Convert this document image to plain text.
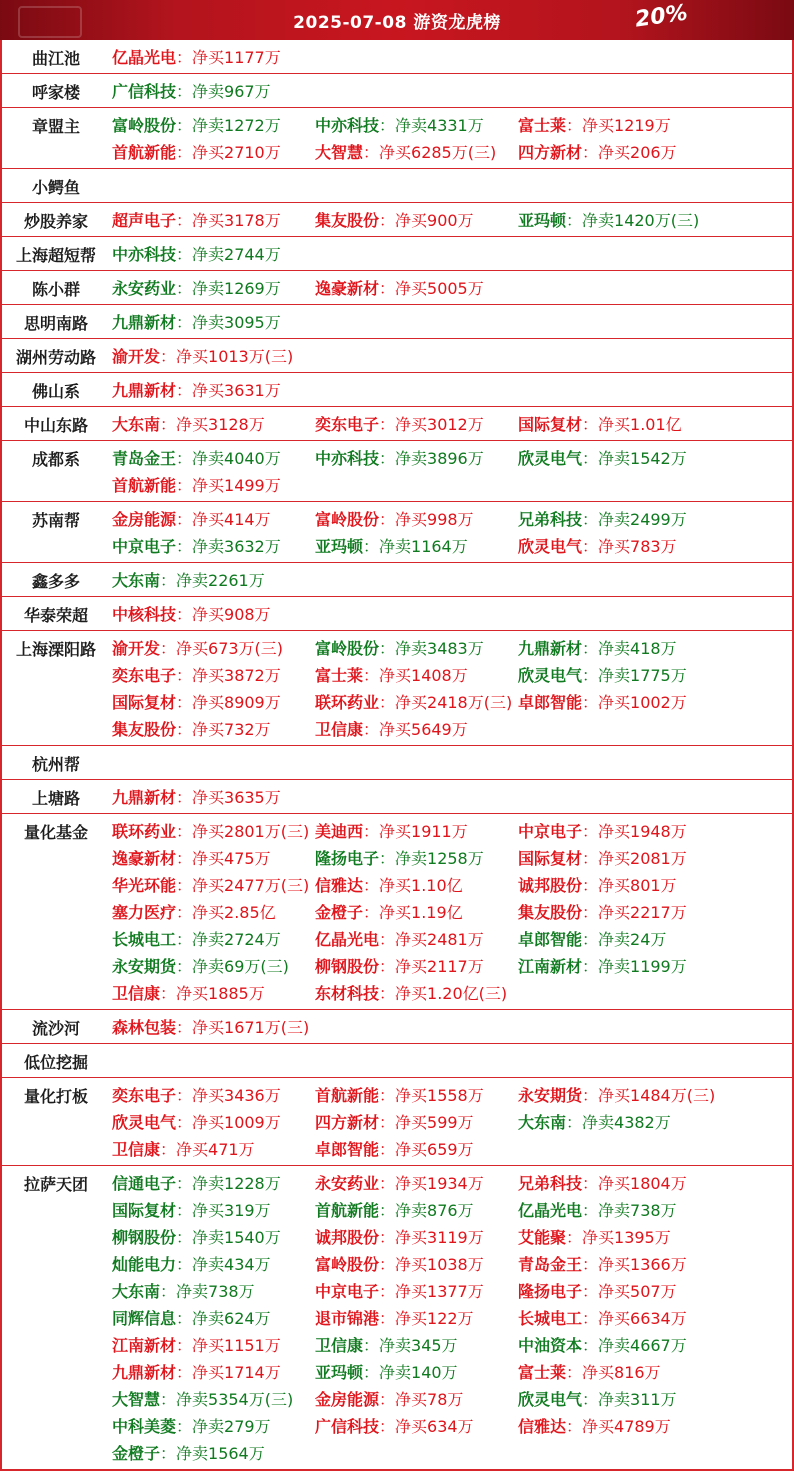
2025-07-08 游资龙虎榜	20%
曲江池	亿晶光电：净买1177万
呼家楼	广信科技：净卖967万
章盟主	富岭股份：净卖1272万	中亦科技：净卖4331万	富士莱：净买1219万
首航新能：净买2710万	大智慧：净买6285万(三)	四方新材：净买206万
小鳄鱼
炒股养家	超声电子：净买3178万	集友股份：净买900万	亚玛顿：净卖1420万(三)
上海超短帮	中亦科技：净卖2744万
陈小群	永安药业：净卖1269万	逸豪新材：净买5005万
思明南路	九鼎新材：净卖3095万
湖州劳动路	渝开发：净买1013万(三)
佛山系	九鼎新材：净买3631万
中山东路	大东南：净买3128万	奕东电子：净买3012万	国际复材：净买1.01亿
成都系	青岛金王：净卖4040万	中亦科技：净卖3896万	欣灵电气：净卖1542万
首航新能：净买1499万
苏南帮	金房能源：净买414万	富岭股份：净买998万	兄弟科技：净卖2499万
中京电子：净卖3632万	亚玛顿：净卖1164万	欣灵电气：净买783万
鑫多多	大东南：净卖2261万
华泰荣超	中核科技：净买908万
上海溧阳路	渝开发：净买673万(三)	富岭股份：净卖3483万	九鼎新材：净卖418万
奕东电子：净买3872万	富士莱：净买1408万	欣灵电气：净卖1775万
国际复材：净买8909万	联环药业：净买2418万(三) 卓郎智能：净买1002万
集友股份：净买732万	卫信康：净买5649万
杭州帮
上塘路	九鼎新材：净买3635万
量化基金	联环药业：净买2801万(三) 美迪西：净买1911万	中京电子：净买1948万
逸豪新材：净买475万	隆扬电子：净卖1258万	国际复材：净买2081万
华光环能：净买2477万(三) 信雅达：净买1.10亿	诚邦股份：净买801万
塞力医疗：净买2.85亿	金橙子：净买1.19亿	集友股份：净买2217万
长城电工：净卖2724万	亿晶光电：净买2481万	卓郎智能：净卖24万
永安期货：净卖69万(三)	柳钢股份：净买2117万	江南新材：净卖1199万
卫信康：净买1885万	东材科技：净买1.20亿(三)
流沙河	森林包装：净买1671万(三)
低位挖掘
量化打板	奕东电子：净买3436万	首航新能：净买1558万	永安期货：净买1484万(三)
欣灵电气：净买1009万	四方新材：净买599万	大东南：净卖4382万
卫信康：净买471万	卓郎智能：净买659万
拉萨天团	信通电子：净卖1228万	永安药业：净买1934万	兄弟科技：净买1804万
国际复材：净买319万	首航新能：净卖876万	亿晶光电：净卖738万
柳钢股份：净卖1540万	诚邦股份：净买3119万	艾能聚：净买1395万
灿能电力：净卖434万	富岭股份：净买1038万	青岛金王：净买1366万
大东南：净卖738万	中京电子：净买1377万	隆扬电子：净买507万
同辉信息：净卖624万	退市锦港：净买122万	长城电工：净买6634万
江南新材：净买1151万	卫信康：净卖345万	中油资本：净卖4667万
九鼎新材：净买1714万	亚玛顿：净卖140万	富士莱：净买816万
大智慧：净卖5354万(三)	金房能源：净买78万	欣灵电气：净卖311万
中科美菱：净卖279万	广信科技：净买634万	信雅达：净买4789万
金橙子：净卖1564万
